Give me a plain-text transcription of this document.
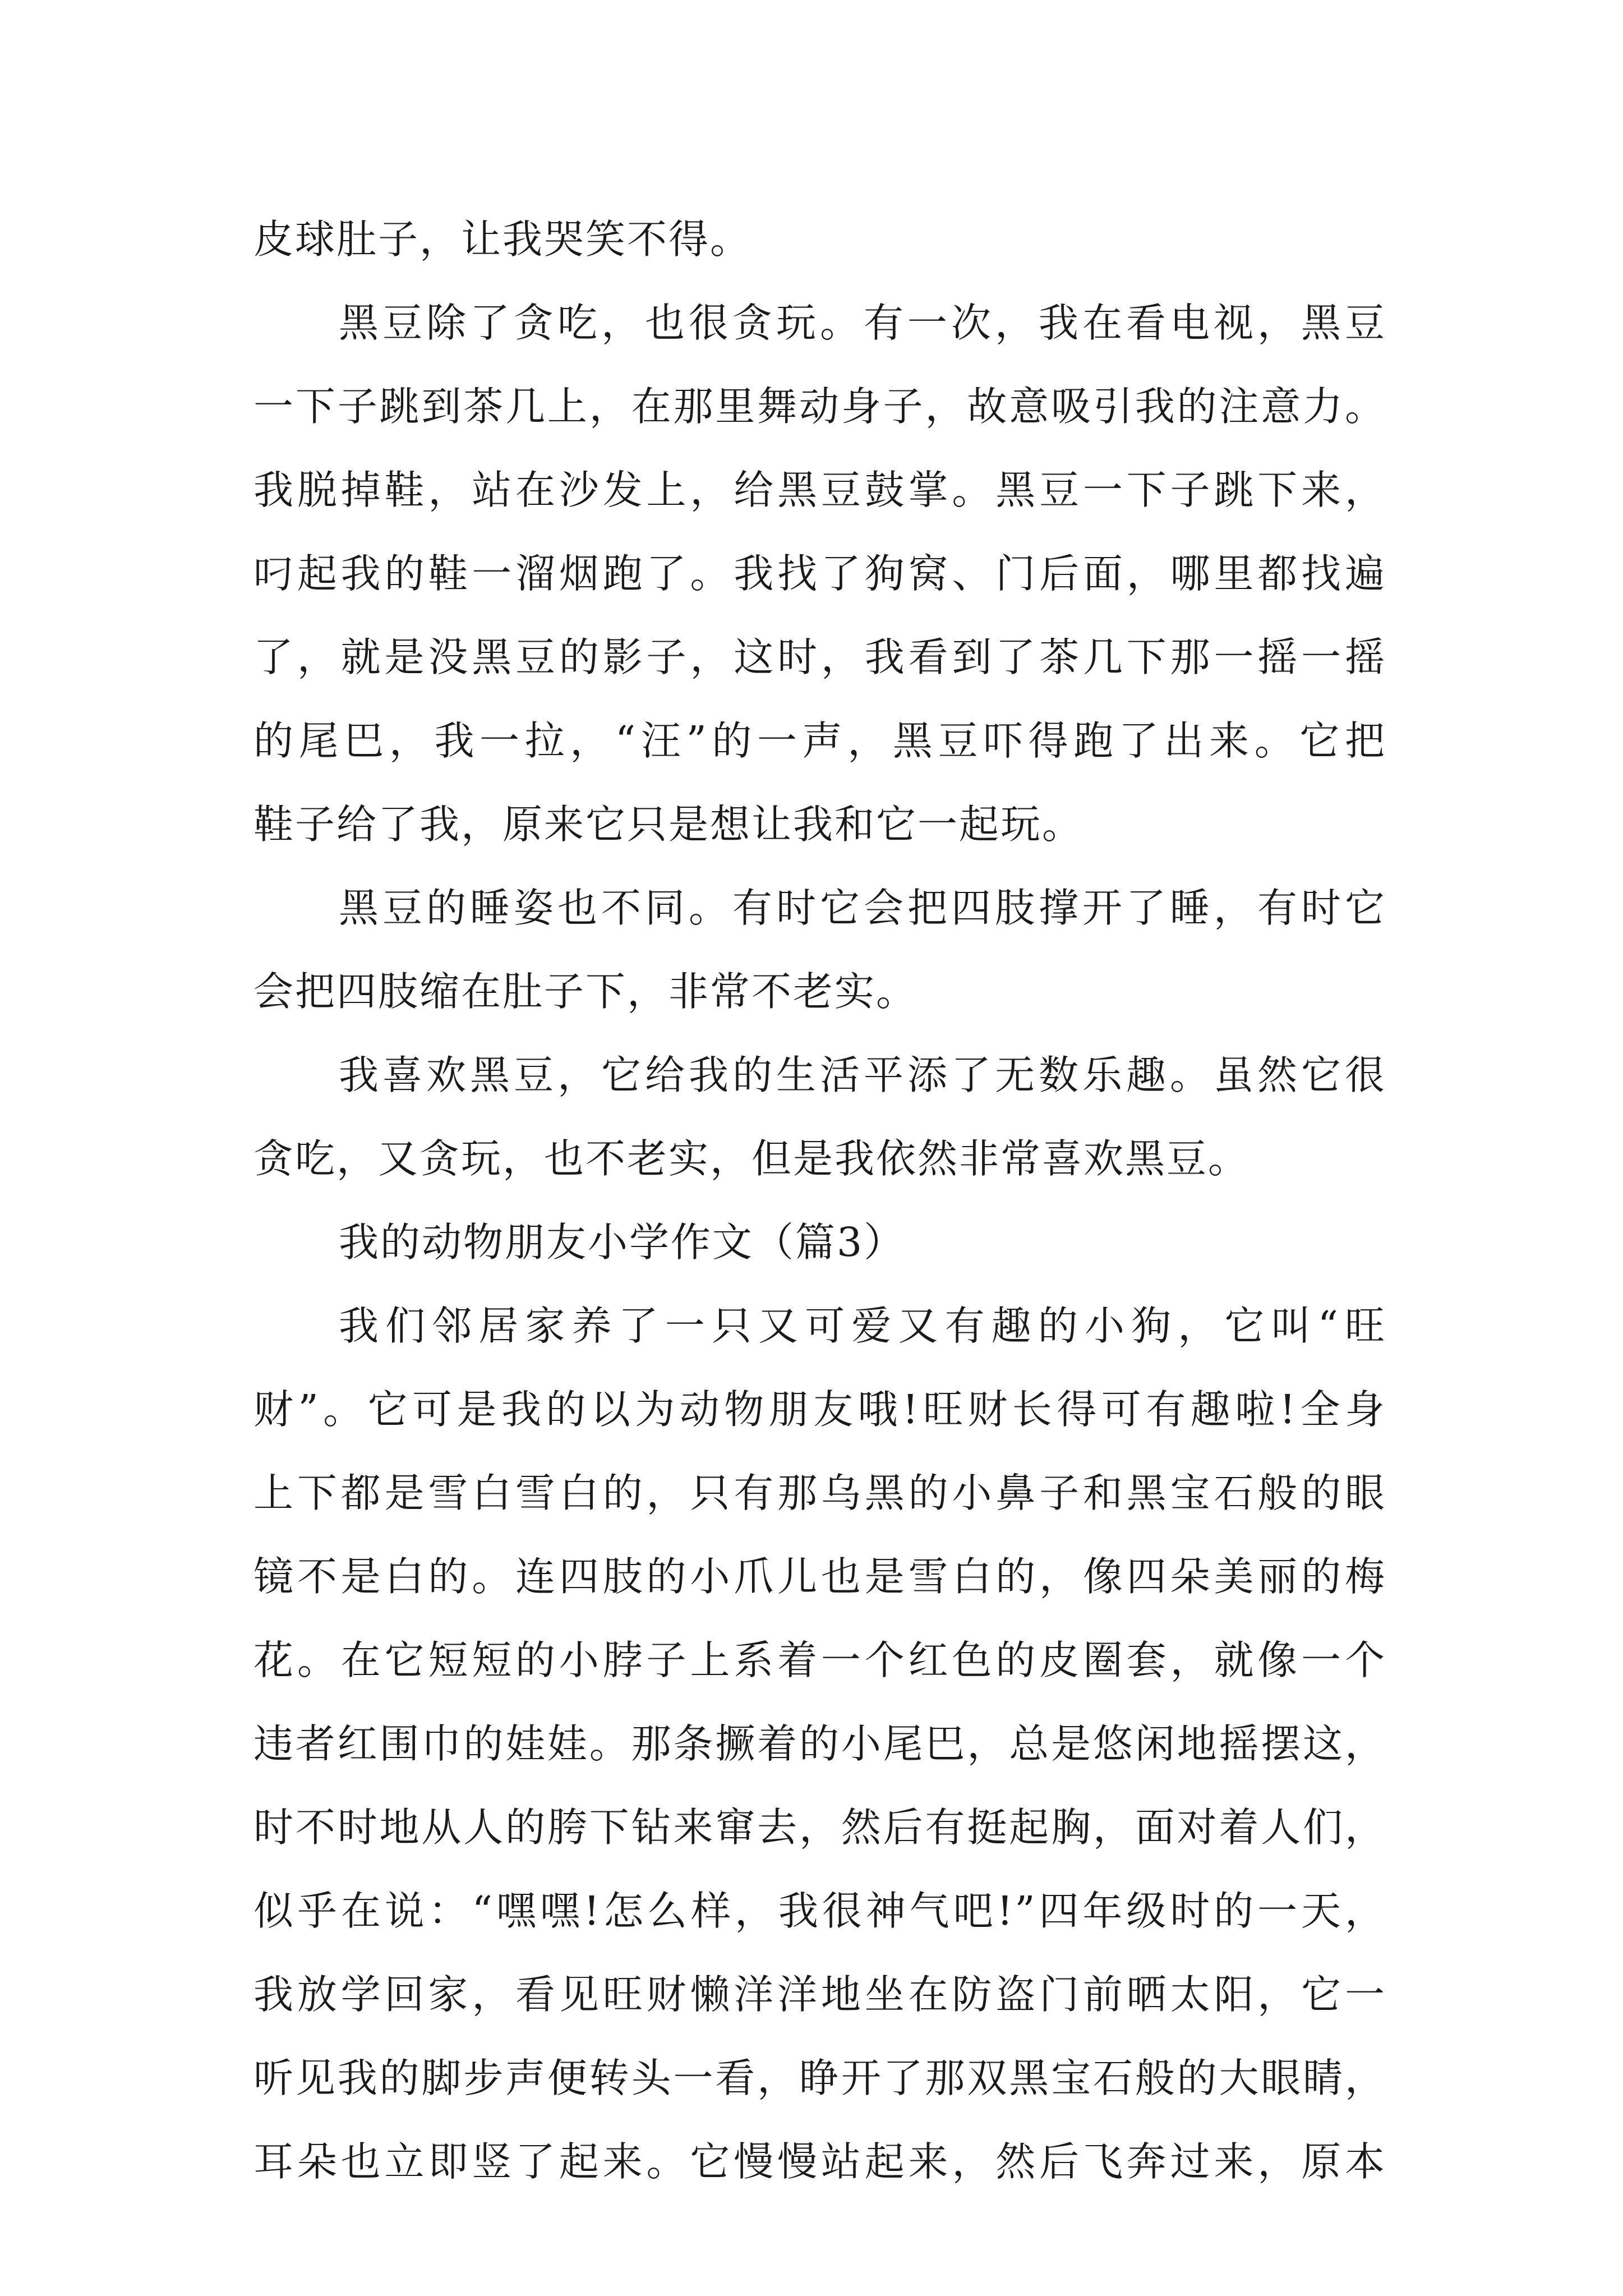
皮球肚子，让我哭笑不得。
黑豆除了贪吃，也很贪玩。有一次，我在看电视，黑豆
一下子跳到茶几上，在那里舞动身子，故意吸引我的注意力。
我脱掉鞋，站在沙发上，给黑豆鼓掌。黑豆一下子跳下来，
叼起我的鞋一溜烟跑了。我找了狗窝、门后面，哪里都找遍
了，就是没黑豆的影子，这时，我看到了茶几下那一摇一摇
的尾巴，我一拉，“汪”的一声，黑豆吓得跑了出来。它把
鞋子给了我，原来它只是想让我和它一起玩。
黑豆的睡姿也不同。有时它会把四肢撑开了睡，有时它
会把四肢缩在肚子下，非常不老实。
我喜欢黑豆，它给我的生活平添了无数乐趣。虽然它很
贪吃，又贪玩，也不老实，但是我依然非常喜欢黑豆。
我的动物朋友小学作文（篇3）
我们邻居家养了一只又可爱又有趣的小狗，它叫“旺
财”。它可是我的以为动物朋友哦!旺财长得可有趣啦!全身
上下都是雪白雪白的，只有那乌黑的小鼻子和黑宝石般的眼
镜不是白的。连四肢的小爪儿也是雪白的，像四朵美丽的梅
花。在它短短的小脖子上系着一个红色的皮圈套，就像一个
违者红围巾的娃娃。那条撅着的小尾巴，总是悠闲地摇摆这，
时不时地从人的胯下钻来窜去，然后有挺起胸，面对着人们，
似乎在说：“嘿嘿!怎么样，我很神气吧!”四年级时的一天，
我放学回家，看见旺财懒洋洋地坐在防盗门前晒太阳，它一
听见我的脚步声便转头一看，睁开了那双黑宝石般的大眼睛，
耳朵也立即竖了起来。它慢慢站起来，然后飞奔过来，原本
